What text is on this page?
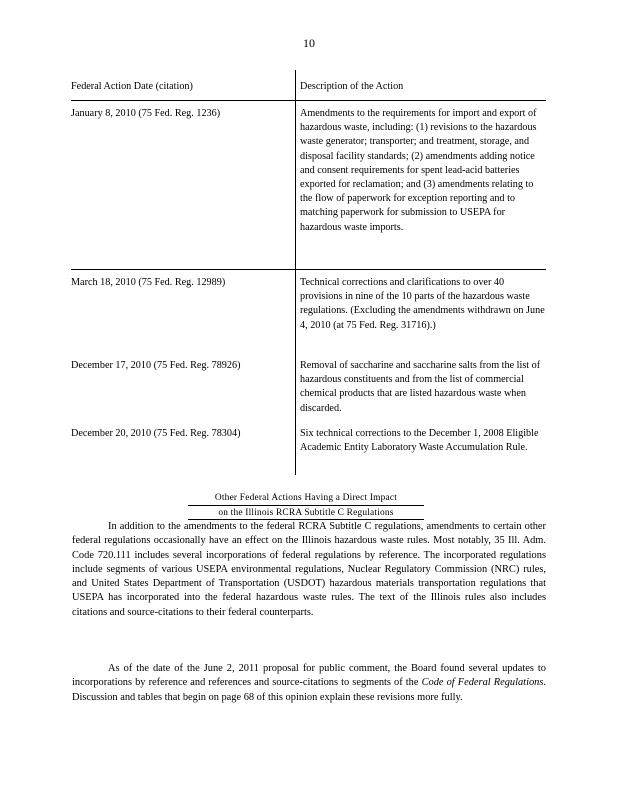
10
Federal Action Date (citation)	Description of the Action
January 8, 2010 (75 Fed. Reg. 1236)	Amendments to the requirements for import and export of hazardous waste, including: (1) revisions to the hazardous waste generator; transporter; and treatment, storage, and disposal facility standards; (2) amendments adding notice and consent requirements for spent lead-acid batteries exported for reclamation; and (3) amendments relating to the flow of paperwork for exception reporting and to matching paperwork for submission to USEPA for hazardous waste imports.
March 18, 2010 (75 Fed. Reg. 12989)	Technical corrections and clarifications to over 40 provisions in nine of the 10 parts of the hazardous waste regulations. (Excluding the amendments withdrawn on June 4, 2010 (at 75 Fed. Reg. 31716).)
December 17, 2010 (75 Fed. Reg. 78926)	Removal of saccharine and saccharine salts from the list of hazardous constituents and from the list of commercial chemical products that are listed hazardous waste when discarded.
December 20, 2010 (75 Fed. Reg. 78304)	Six technical corrections to the December 1, 2008 Eligible Academic Entity Laboratory Waste Accumulation Rule.
Other Federal Actions Having a Direct Impact
on the Illinois RCRA Subtitle C Regulations

In addition to the amendments to the federal RCRA Subtitle C regulations, amendments to certain other federal regulations occasionally have an effect on the Illinois hazardous waste rules. Most notably, 35 Ill. Adm. Code 720.111 includes several incorporations of federal regulations by reference. The incorporated regulations include segments of various USEPA environmental regulations, Nuclear Regulatory Commission (NRC) rules, and United States Department of Transportation (USDOT) hazardous materials transportation regulations that USEPA has incorporated into the federal hazardous waste rules. The text of the Illinois rules also includes citations and source-citations to their federal counterparts.

As of the date of the June 2, 2011 proposal for public comment, the Board found several updates to incorporations by reference and references and source-citations to segments of the Code of Federal Regulations. Discussion and tables that begin on page 68 of this opinion explain these revisions more fully.
